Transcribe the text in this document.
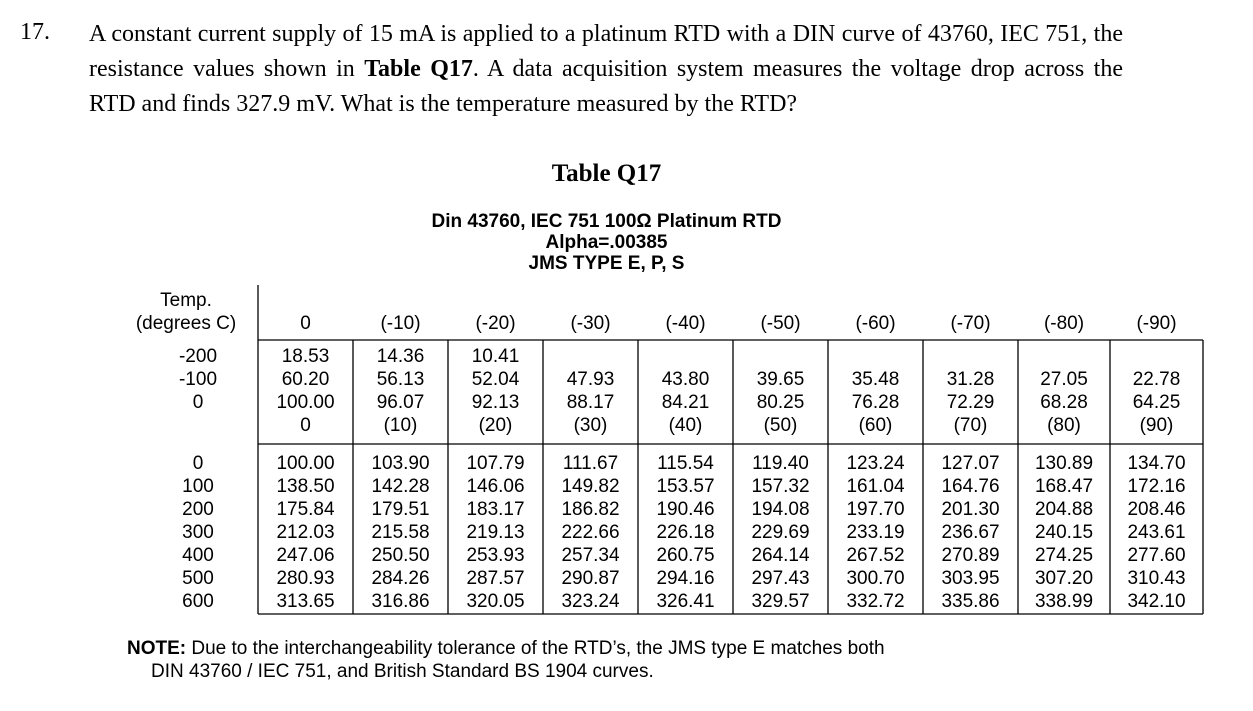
17. A constant current supply of 15 mA is applied to a platinum RTD with a DIN curve of 43760, IEC 751, the resistance values shown in Table Q17. A data acquisition system measures the voltage drop across the RTD and finds 327.9 mV. What is the temperature measured by the RTD?
Table Q17
Din 43760, IEC 751 100Ω Platinum RTD
Alpha=.00385
JMS TYPE E, P, S
Temp.
(degrees C)	0	(-10)	(-20)	(-30)	(-40)	(-50)	(-60)	(-70)	(-80)	(-90)
-200	18.53 14.36 10.41
-100	60.20 56.13 52.04 47.93 43.80 39.65 35.48 31.28 27.05 22.78
0	100.00 96.07 92.13 88.17 84.21 80.25 76.28 72.29 68.28 64.25
0	(10)	(20)	(30)	(40)	(50)	(60)	(70)	(80)	(90)
0	100.00 103.90 107.79 111.67 115.54 119.40 123.24 127.07 130.89 134.70
100	138.50 142.28 146.06 149.82 153.57 157.32 161.04 164.76 168.47 172.16
200	175.84 179.51 183.17 186.82 190.46 194.08 197.70 201.30 204.88 208.46
300	212.03 215.58 219.13 222.66 226.18 229.69 233.19 236.67 240.15 243.61
400	247.06 250.50 253.93 257.34 260.75 264.14 267.52 270.89 274.25 277.60
500	280.93 284.26 287.57 290.87 294.16 297.43 300.70 303.95 307.20 310.43
600	313.65 316.86 320.05 323.24 326.41 329.57 332.72 335.86 338.99 342.10
NOTE: Due to the interchangeability tolerance of the RTD’s, the JMS type E matches both
DIN 43760 / IEC 751, and British Standard BS 1904 curves.
